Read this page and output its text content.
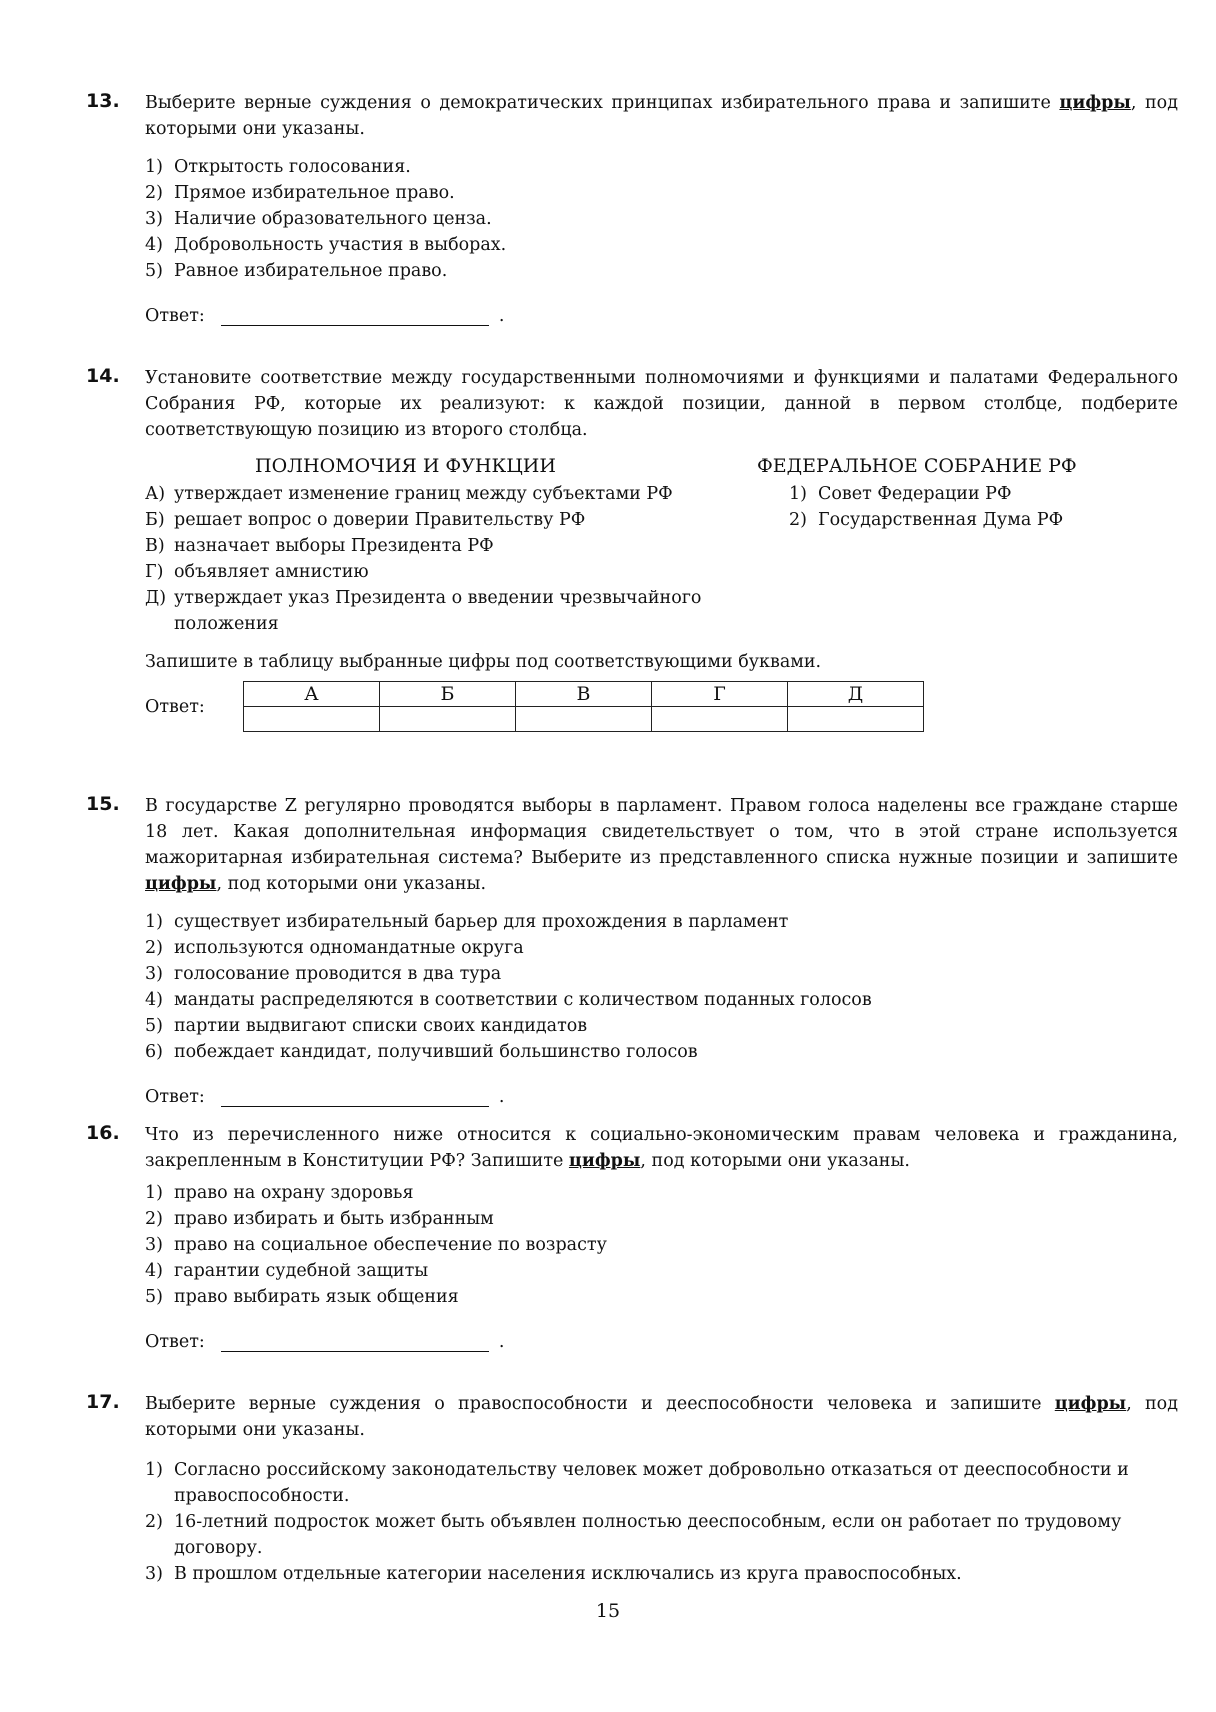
13. Выберите верные суждения о демократических принципах избирательного права и запишите цифры, под которыми они указаны.
1) Открытость голосования.
2) Прямое избирательное право.
3) Наличие образовательного ценза.
4) Добровольность участия в выборах.
5) Равное избирательное право.
Ответ:	.
14. Установите соответствие между государственными полномочиями и функциями и палатами Федерального Собрания РФ, которые их реализуют: к каждой позиции, данной в первом столбце, подберите соответствующую позицию из второго столбца.
ПОЛНОМОЧИЯ И ФУНКЦИИ
А) утверждает изменение границ между субъектами РФ
Б) решает вопрос о доверии Правительству РФ
В) назначает выборы Президента РФ
Г) объявляет амнистию
Д) утверждает указ Президента о введении чрезвычайного положения
ФЕДЕРАЛЬНОЕ СОБРАНИЕ РФ
1) Совет Федерации РФ
2) Государственная Дума РФ
Запишите в таблицу выбранные цифры под соответствующими буквами.
Ответ:
А	Б	В	Г	Д

15. В государстве Z регулярно проводятся выборы в парламент. Правом голоса наделены все граждане старше 18 лет. Какая дополнительная информация свидетельствует о том, что в этой стране используется мажоритарная избирательная система? Выберите из представленного списка нужные позиции и запишите цифры, под которыми они указаны.
1) существует избирательный барьер для прохождения в парламент
2) используются одномандатные округа
3) голосование проводится в два тура
4) мандаты распределяются в соответствии с количеством поданных голосов
5) партии выдвигают списки своих кандидатов
6) побеждает кандидат, получивший большинство голосов
Ответ:	.
16. Что из перечисленного ниже относится к социально-экономическим правам человека и гражданина, закрепленным в Конституции РФ? Запишите цифры, под которыми они указаны.
1) право на охрану здоровья
2) право избирать и быть избранным
3) право на социальное обеспечение по возрасту
4) гарантии судебной защиты
5) право выбирать язык общения
Ответ:	.
17. Выберите верные суждения о правоспособности и дееспособности человека и запишите цифры, под которыми они указаны.
1) Согласно российскому законодательству человек может добровольно отказаться от дееспособности и правоспособности.
2) 16-летний подросток может быть объявлен полностью дееспособным, если он работает по трудовому договору.
3) В прошлом отдельные категории населения исключались из круга правоспособных.
15
